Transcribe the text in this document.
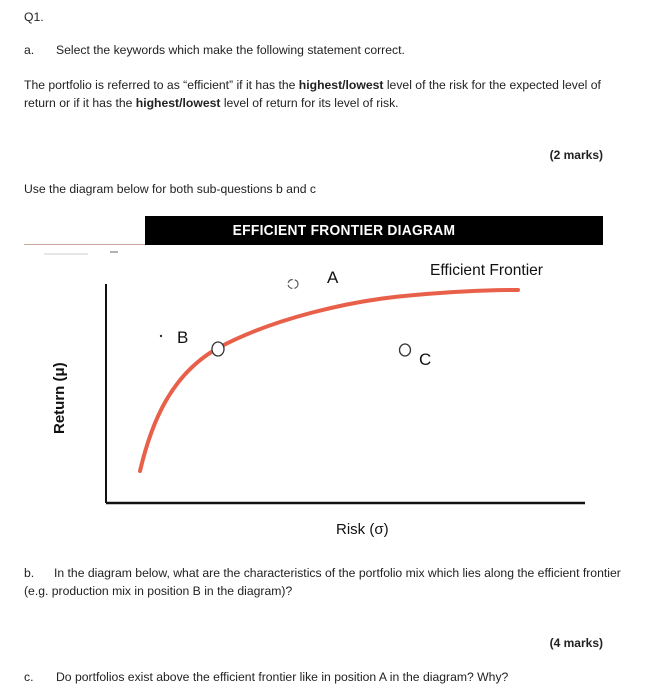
Q1.
a. Select the keywords which make the following statement correct.
The portfolio is referred to as “efficient” if it has the highest/lowest level of the risk for the expected level of return or if it has the highest/lowest level of return for its level of risk.
(2 marks)
Use the diagram below for both sub-questions b and c
EFFICIENT FRONTIER DIAGRAM
A
B
C
Efficient Frontier
Risk (σ)
Return (μ)
b. In the diagram below, what are the characteristics of the portfolio mix which lies along the efficient frontier (e.g. production mix in position B in the diagram)?
(4 marks)
c. Do portfolios exist above the efficient frontier like in position A in the diagram? Why?
